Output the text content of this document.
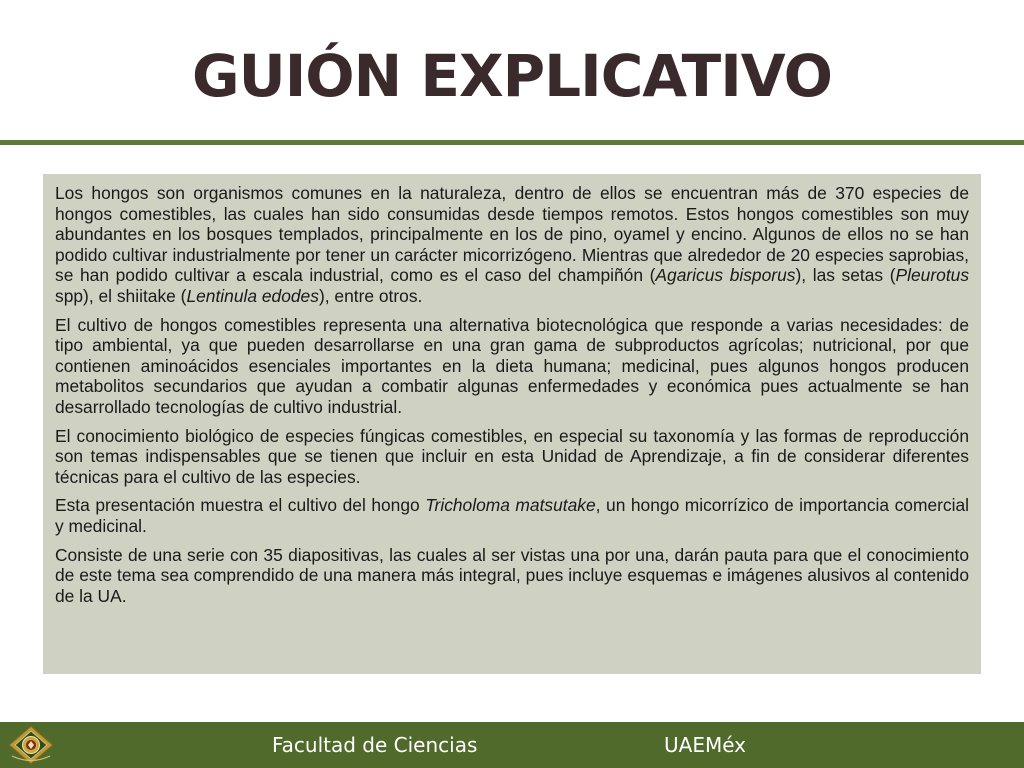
GUIÓN EXPLICATIVO

Los hongos son organismos comunes en la naturaleza, dentro de ellos se encuentran más de 370 especies de hongos comestibles, las cuales han sido consumidas desde tiempos remotos. Estos hongos comestibles son muy abundantes en los bosques templados, principalmente en los de pino, oyamel y encino. Algunos de ellos no se han podido cultivar industrialmente por tener un carácter micorrizógeno. Mientras que alrededor de 20 especies saprobias, se han podido cultivar a escala industrial, como es el caso del champiñón (Agaricus bisporus), las setas (Pleurotus spp), el shiitake (Lentinula edodes), entre otros.

El cultivo de hongos comestibles representa una alternativa biotecnológica que responde a varias necesidades: de tipo ambiental, ya que pueden desarrollarse en una gran gama de subproductos agrícolas; nutricional, por que contienen aminoácidos esenciales importantes en la dieta humana; medicinal, pues algunos hongos producen metabolitos secundarios que ayudan a combatir algunas enfermedades y económica pues actualmente se han desarrollado tecnologías de cultivo industrial.

El conocimiento biológico de especies fúngicas comestibles, en especial su taxonomía y las formas de reproducción son temas indispensables que se tienen que incluir en esta Unidad de Aprendizaje, a fin de considerar diferentes técnicas para el cultivo de las especies.

Esta presentación muestra el cultivo del hongo Tricholoma matsutake, un hongo micorrízico de importancia comercial y medicinal.

Consiste de una serie con 35 diapositivas, las cuales al ser vistas una por una, darán pauta para que el conocimiento de este tema sea comprendido de una manera más integral, pues incluye esquemas e imágenes alusivos al contenido de la UA.

Facultad de Ciencias	UAEMéx
